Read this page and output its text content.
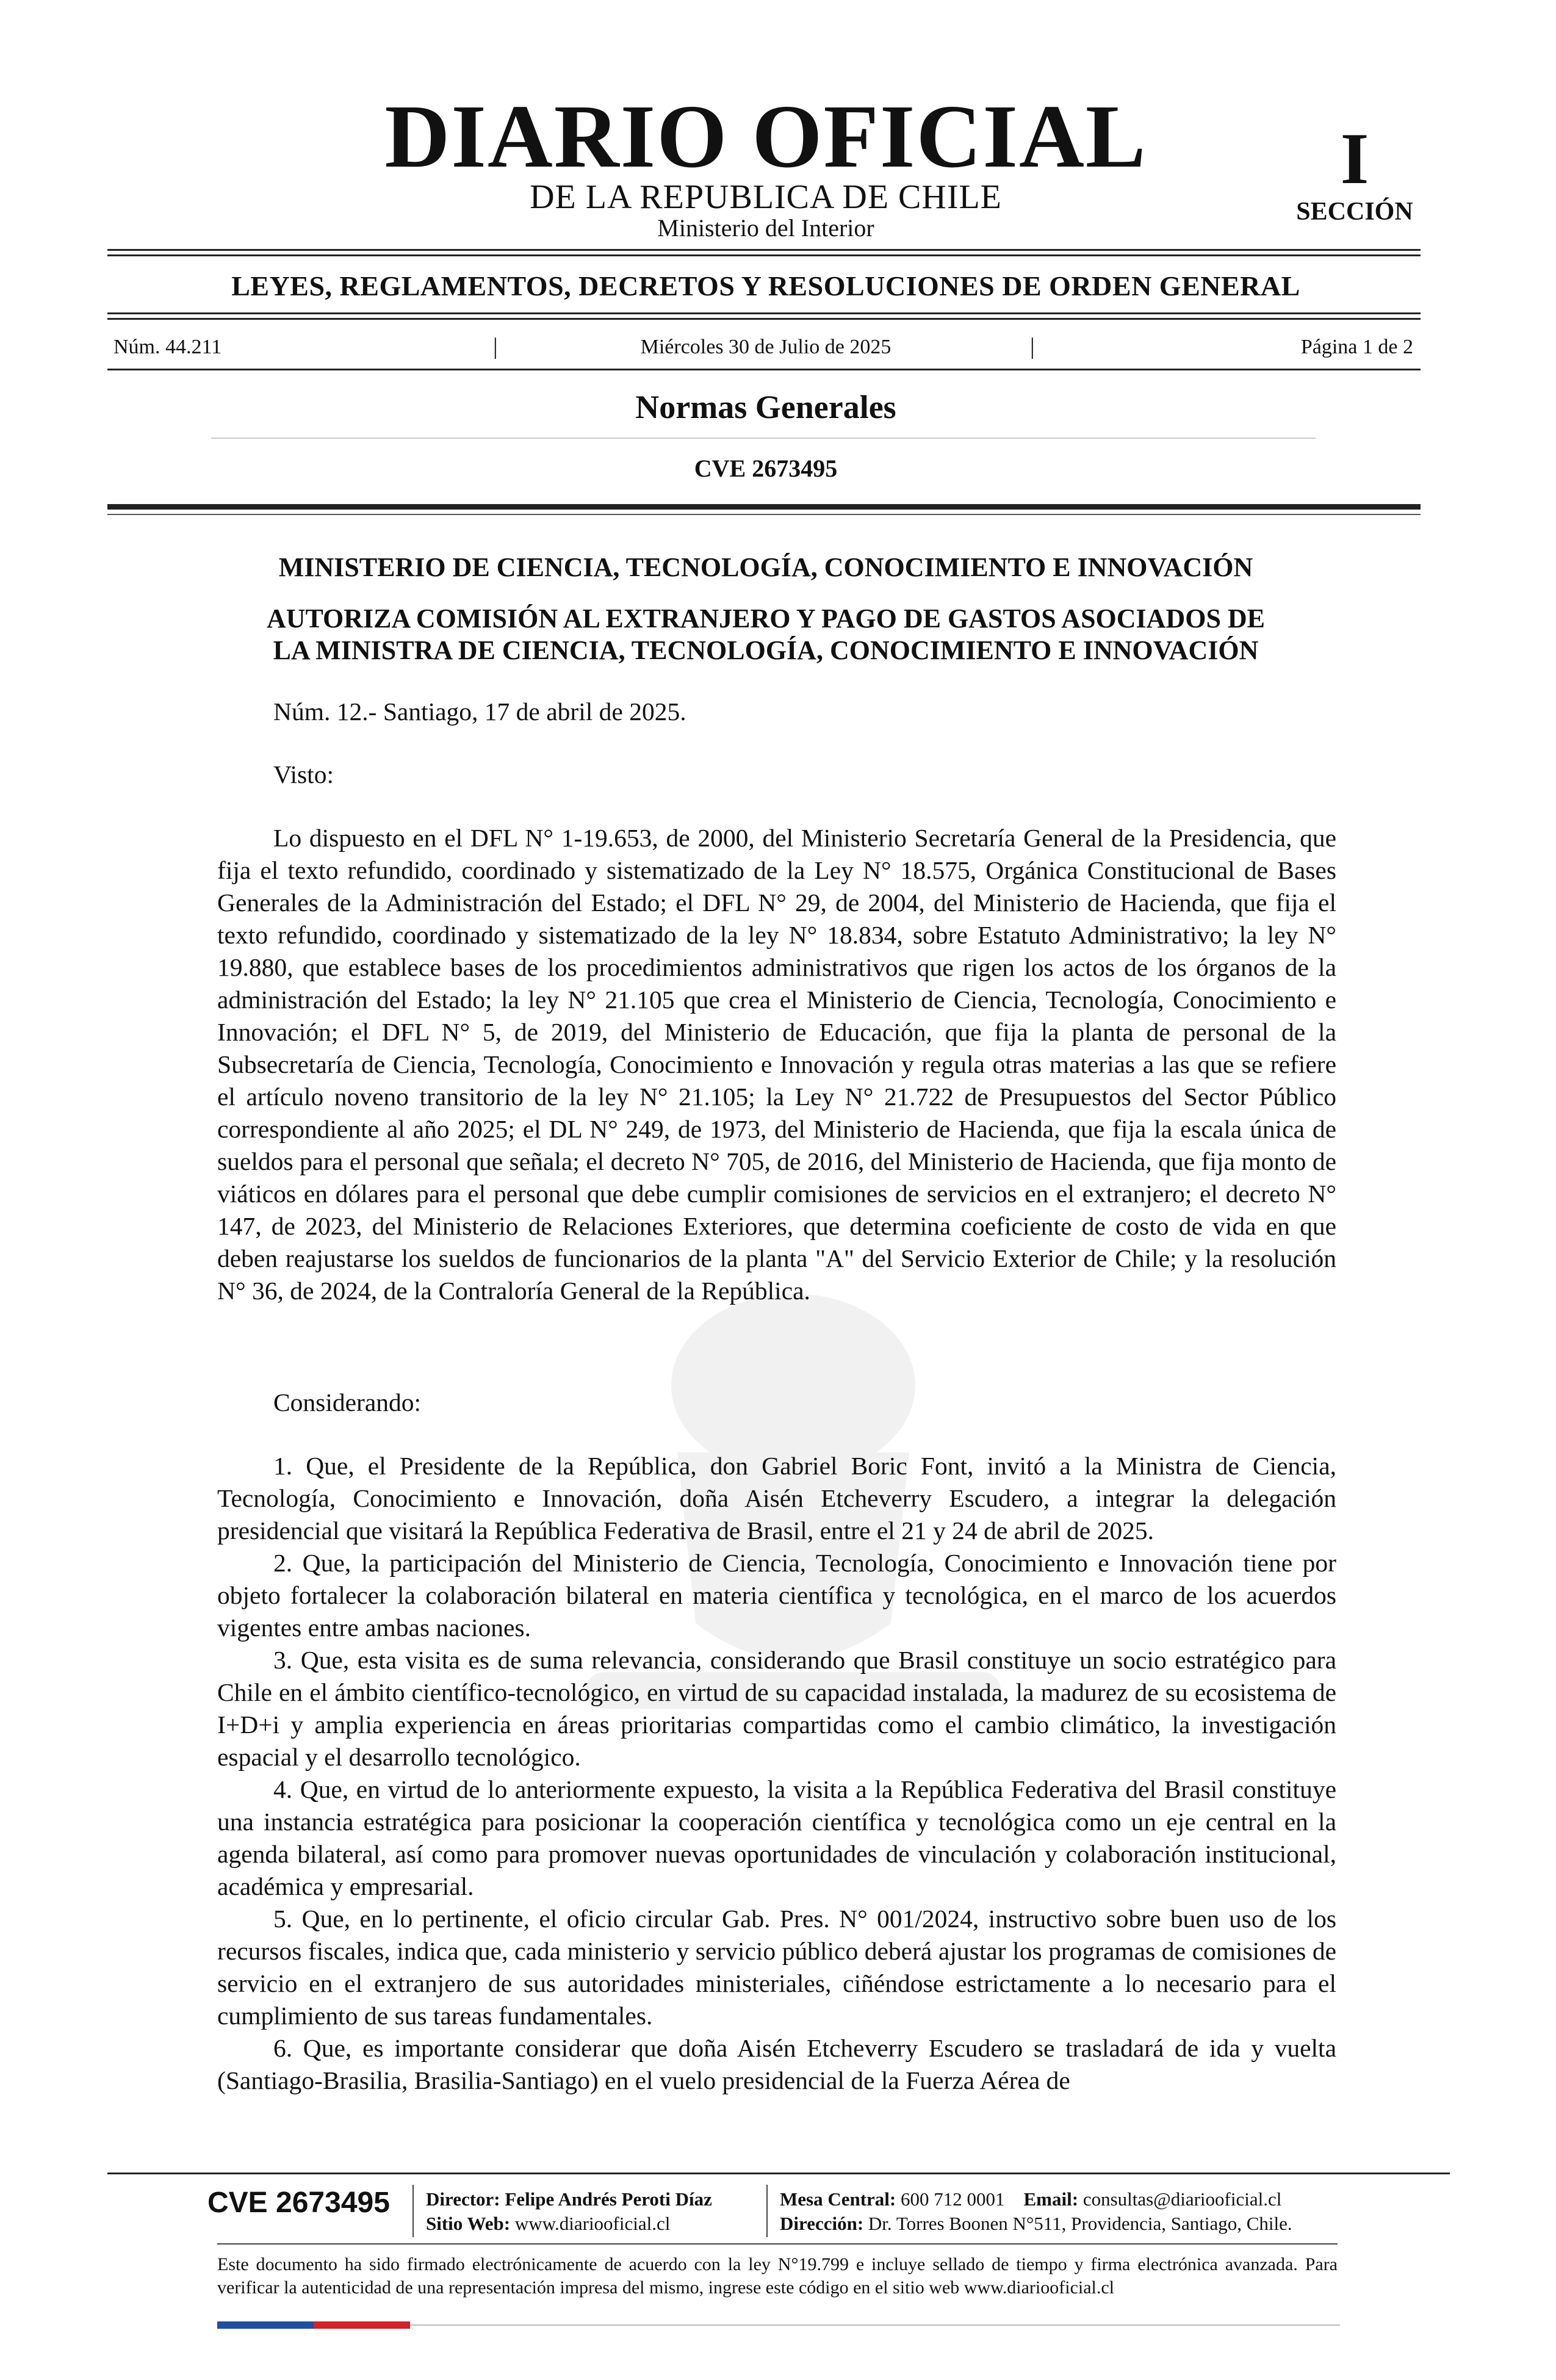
DIARIO OFICIAL
DE LA REPUBLICA DE CHILE
Ministerio del Interior
I
SECCIÓN
LEYES, REGLAMENTOS, DECRETOS Y RESOLUCIONES DE ORDEN GENERAL
Núm. 44.211	|	Miércoles 30 de Julio de 2025	|	Página 1 de 2
Normas Generales
CVE 2673495
MINISTERIO DE CIENCIA, TECNOLOGÍA, CONOCIMIENTO E INNOVACIÓN
AUTORIZA COMISIÓN AL EXTRANJERO Y PAGO DE GASTOS ASOCIADOS DE
LA MINISTRA DE CIENCIA, TECNOLOGÍA, CONOCIMIENTO E INNOVACIÓN
Núm. 12.- Santiago, 17 de abril de 2025.
Visto:

Lo dispuesto en el DFL N° 1-19.653, de 2000, del Ministerio Secretaría General de la Presidencia, que fija el texto refundido, coordinado y sistematizado de la Ley N° 18.575, Orgánica Constitucional de Bases Generales de la Administración del Estado; el DFL N° 29, de 2004, del Ministerio de Hacienda, que fija el texto refundido, coordinado y sistematizado de la ley N° 18.834, sobre Estatuto Administrativo; la ley N° 19.880, que establece bases de los procedimientos administrativos que rigen los actos de los órganos de la administración del Estado; la ley N° 21.105 que crea el Ministerio de Ciencia, Tecnología, Conocimiento e Innovación; el DFL N° 5, de 2019, del Ministerio de Educación, que fija la planta de personal de la Subsecretaría de Ciencia, Tecnología, Conocimiento e Innovación y regula otras materias a las que se refiere el artículo noveno transitorio de la ley N° 21.105; la Ley N° 21.722 de Presupuestos del Sector Público correspondiente al año 2025; el DL N° 249, de 1973, del Ministerio de Hacienda, que fija la escala única de sueldos para el personal que señala; el decreto N° 705, de 2016, del Ministerio de Hacienda, que fija monto de viáticos en dólares para el personal que debe cumplir comisiones de servicios en el extranjero; el decreto N° 147, de 2023, del Ministerio de Relaciones Exteriores, que determina coeficiente de costo de vida en que deben reajustarse los sueldos de funcionarios de la planta "A" del Servicio Exterior de Chile; y la resolución N° 36, de 2024, de la Contraloría General de la República.

Considerando:

1. Que, el Presidente de la República, don Gabriel Boric Font, invitó a la Ministra de Ciencia, Tecnología, Conocimiento e Innovación, doña Aisén Etcheverry Escudero, a integrar la delegación presidencial que visitará la República Federativa de Brasil, entre el 21 y 24 de abril de 2025.

2. Que, la participación del Ministerio de Ciencia, Tecnología, Conocimiento e Innovación tiene por objeto fortalecer la colaboración bilateral en materia científica y tecnológica, en el marco de los acuerdos vigentes entre ambas naciones.

3. Que, esta visita es de suma relevancia, considerando que Brasil constituye un socio estratégico para Chile en el ámbito científico-tecnológico, en virtud de su capacidad instalada, la madurez de su ecosistema de I+D+i y amplia experiencia en áreas prioritarias compartidas como el cambio climático, la investigación espacial y el desarrollo tecnológico.

4. Que, en virtud de lo anteriormente expuesto, la visita a la República Federativa del Brasil constituye una instancia estratégica para posicionar la cooperación científica y tecnológica como un eje central en la agenda bilateral, así como para promover nuevas oportunidades de vinculación y colaboración institucional, académica y empresarial.

5. Que, en lo pertinente, el oficio circular Gab. Pres. N° 001/2024, instructivo sobre buen uso de los recursos fiscales, indica que, cada ministerio y servicio público deberá ajustar los programas de comisiones de servicio en el extranjero de sus autoridades ministeriales, ciñéndose estrictamente a lo necesario para el cumplimiento de sus tareas fundamentales.

6. Que, es importante considerar que doña Aisén Etcheverry Escudero se trasladará de ida y vuelta (Santiago-Brasilia, Brasilia-Santiago) en el vuelo presidencial de la Fuerza Aérea de

CVE 2673495 Director: Felipe Andrés Peroti Díaz
Sitio Web: www.diariooficial.cl
Mesa Central: 600 712 0001 Email: consultas@diariooficial.cl
Dirección: Dr. Torres Boonen N°511, Providencia, Santiago, Chile.
Este documento ha sido firmado electrónicamente de acuerdo con la ley N°19.799 e incluye sellado de tiempo y firma electrónica avanzada. Para verificar la autenticidad de una representación impresa del mismo, ingrese este código en el sitio web www.diariooficial.cl
